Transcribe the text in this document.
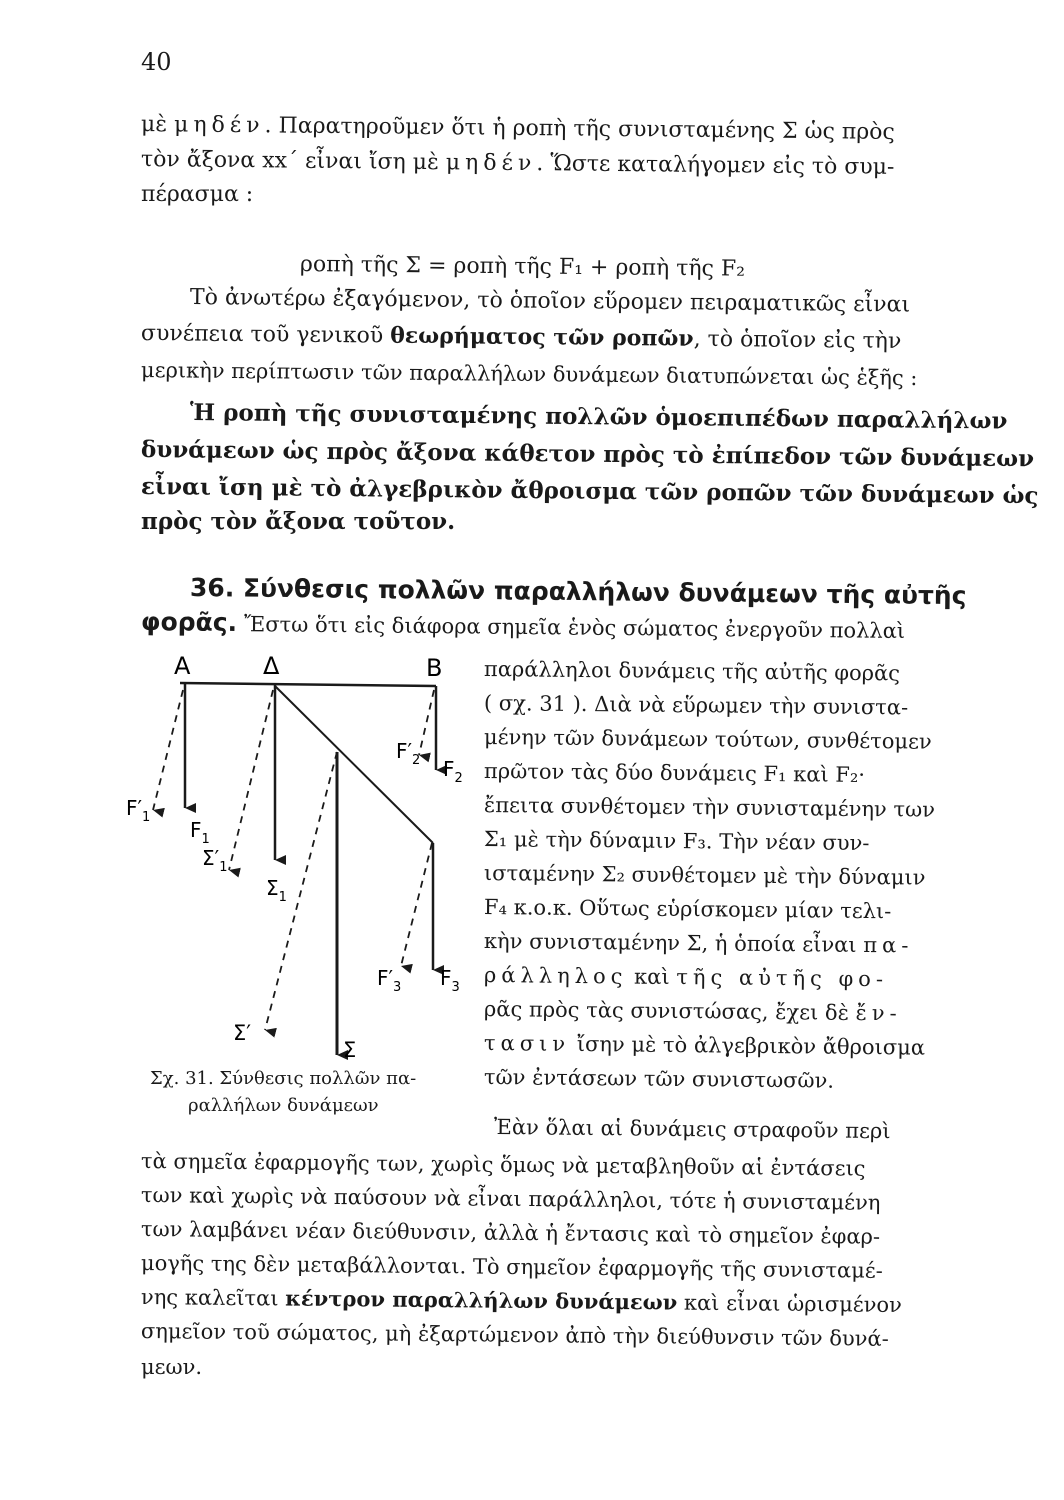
40
μὲ μηδέν. Παρατηροῦμεν ὅτι ἡ ροπὴ τῆς συνισταμένης Σ ὡς πρὸς
τὸν ἄξονα xx΄ εἶναι ἴση μὲ μηδέν. Ὥστε καταλήγομεν εἰς τὸ συμ-
πέρασμα :
ροπὴ τῆς Σ = ροπὴ τῆς F₁ + ροπὴ τῆς F₂
Τὸ ἀνωτέρω ἐξαγόμενον, τὸ ὁποῖον εὕρομεν πειραματικῶς εἶναι
συνέπεια τοῦ γενικοῦ θεωρήματος τῶν ροπῶν, τὸ ὁποῖον εἰς τὴν
μερικὴν περίπτωσιν τῶν παραλλήλων δυνάμεων διατυπώνεται ὡς ἑξῆς :
Ἡ ροπὴ τῆς συνισταμένης πολλῶν ὁμοεπιπέδων παραλλήλων
δυνάμεων ὡς πρὸς ἄξονα κάθετον πρὸς τὸ ἐπίπεδον τῶν δυνάμεων
εἶναι ἴση μὲ τὸ ἀλγεβρικὸν ἄθροισμα τῶν ροπῶν τῶν δυνάμεων ὡς
πρὸς τὸν ἄξονα τοῦτον.
36. Σύνθεσις πολλῶν παραλλήλων δυνάμεων τῆς αὐτῆς
φορᾶς. Ἔστω ὅτι εἰς διάφορα σημεῖα ἑνὸς σώματος ἐνεργοῦν πολλαὶ
παράλληλοι δυνάμεις τῆς αὐτῆς φορᾶς
( σχ. 31 ). Διὰ νὰ εὕρωμεν τὴν συνιστα-
μένην τῶν δυνάμεων τούτων, συνθέτομεν
πρῶτον τὰς δύο δυνάμεις F₁ καὶ F₂·
ἔπειτα συνθέτομεν τὴν συνισταμένην των
Σ₁ μὲ τὴν δύναμιν F₃. Τὴν νέαν συν-
ισταμένην Σ₂ συνθέτομεν μὲ τὴν δύναμιν
F₄ κ.ο.κ. Οὕτως εὑρίσκομεν μίαν τελι-
κὴν συνισταμένην Σ, ἡ ὁποία εἶναι πα-
ράλληλος καὶ τῆς αὐτῆς φο-
ρᾶς πρὸς τὰς συνιστώσας, ἔχει δὲ ἔν-
τασιν ἴσην μὲ τὸ ἀλγεβρικὸν ἄθροισμα
τῶν ἐντάσεων τῶν συνιστωσῶν.
A	Δ	B
$F'_1$
$F_1$
$\Sigma'_1$
$\Sigma_1$
$F'_2$ $F_2$
$F'_3$ $F_3$
Σ′
Σ
Σχ. 31. Σύνθεσις πολλῶν πα-
ραλλήλων δυνάμεων
Ἐὰν ὅλαι αἱ δυνάμεις στραφοῦν περὶ
τὰ σημεῖα ἐφαρμογῆς των, χωρὶς ὅμως νὰ μεταβληθοῦν αἱ ἐντάσεις
των καὶ χωρὶς νὰ παύσουν νὰ εἶναι παράλληλοι, τότε ἡ συνισταμένη
των λαμβάνει νέαν διεύθυνσιν, ἀλλὰ ἡ ἔντασις καὶ τὸ σημεῖον ἐφαρ-
μογῆς της δὲν μεταβάλλονται. Τὸ σημεῖον ἐφαρμογῆς τῆς συνισταμέ-
νης καλεῖται κέντρον παραλλήλων δυνάμεων καὶ εἶναι ὡρισμένον
σημεῖον τοῦ σώματος, μὴ ἐξαρτώμενον ἀπὸ τὴν διεύθυνσιν τῶν δυνά-
μεων.
